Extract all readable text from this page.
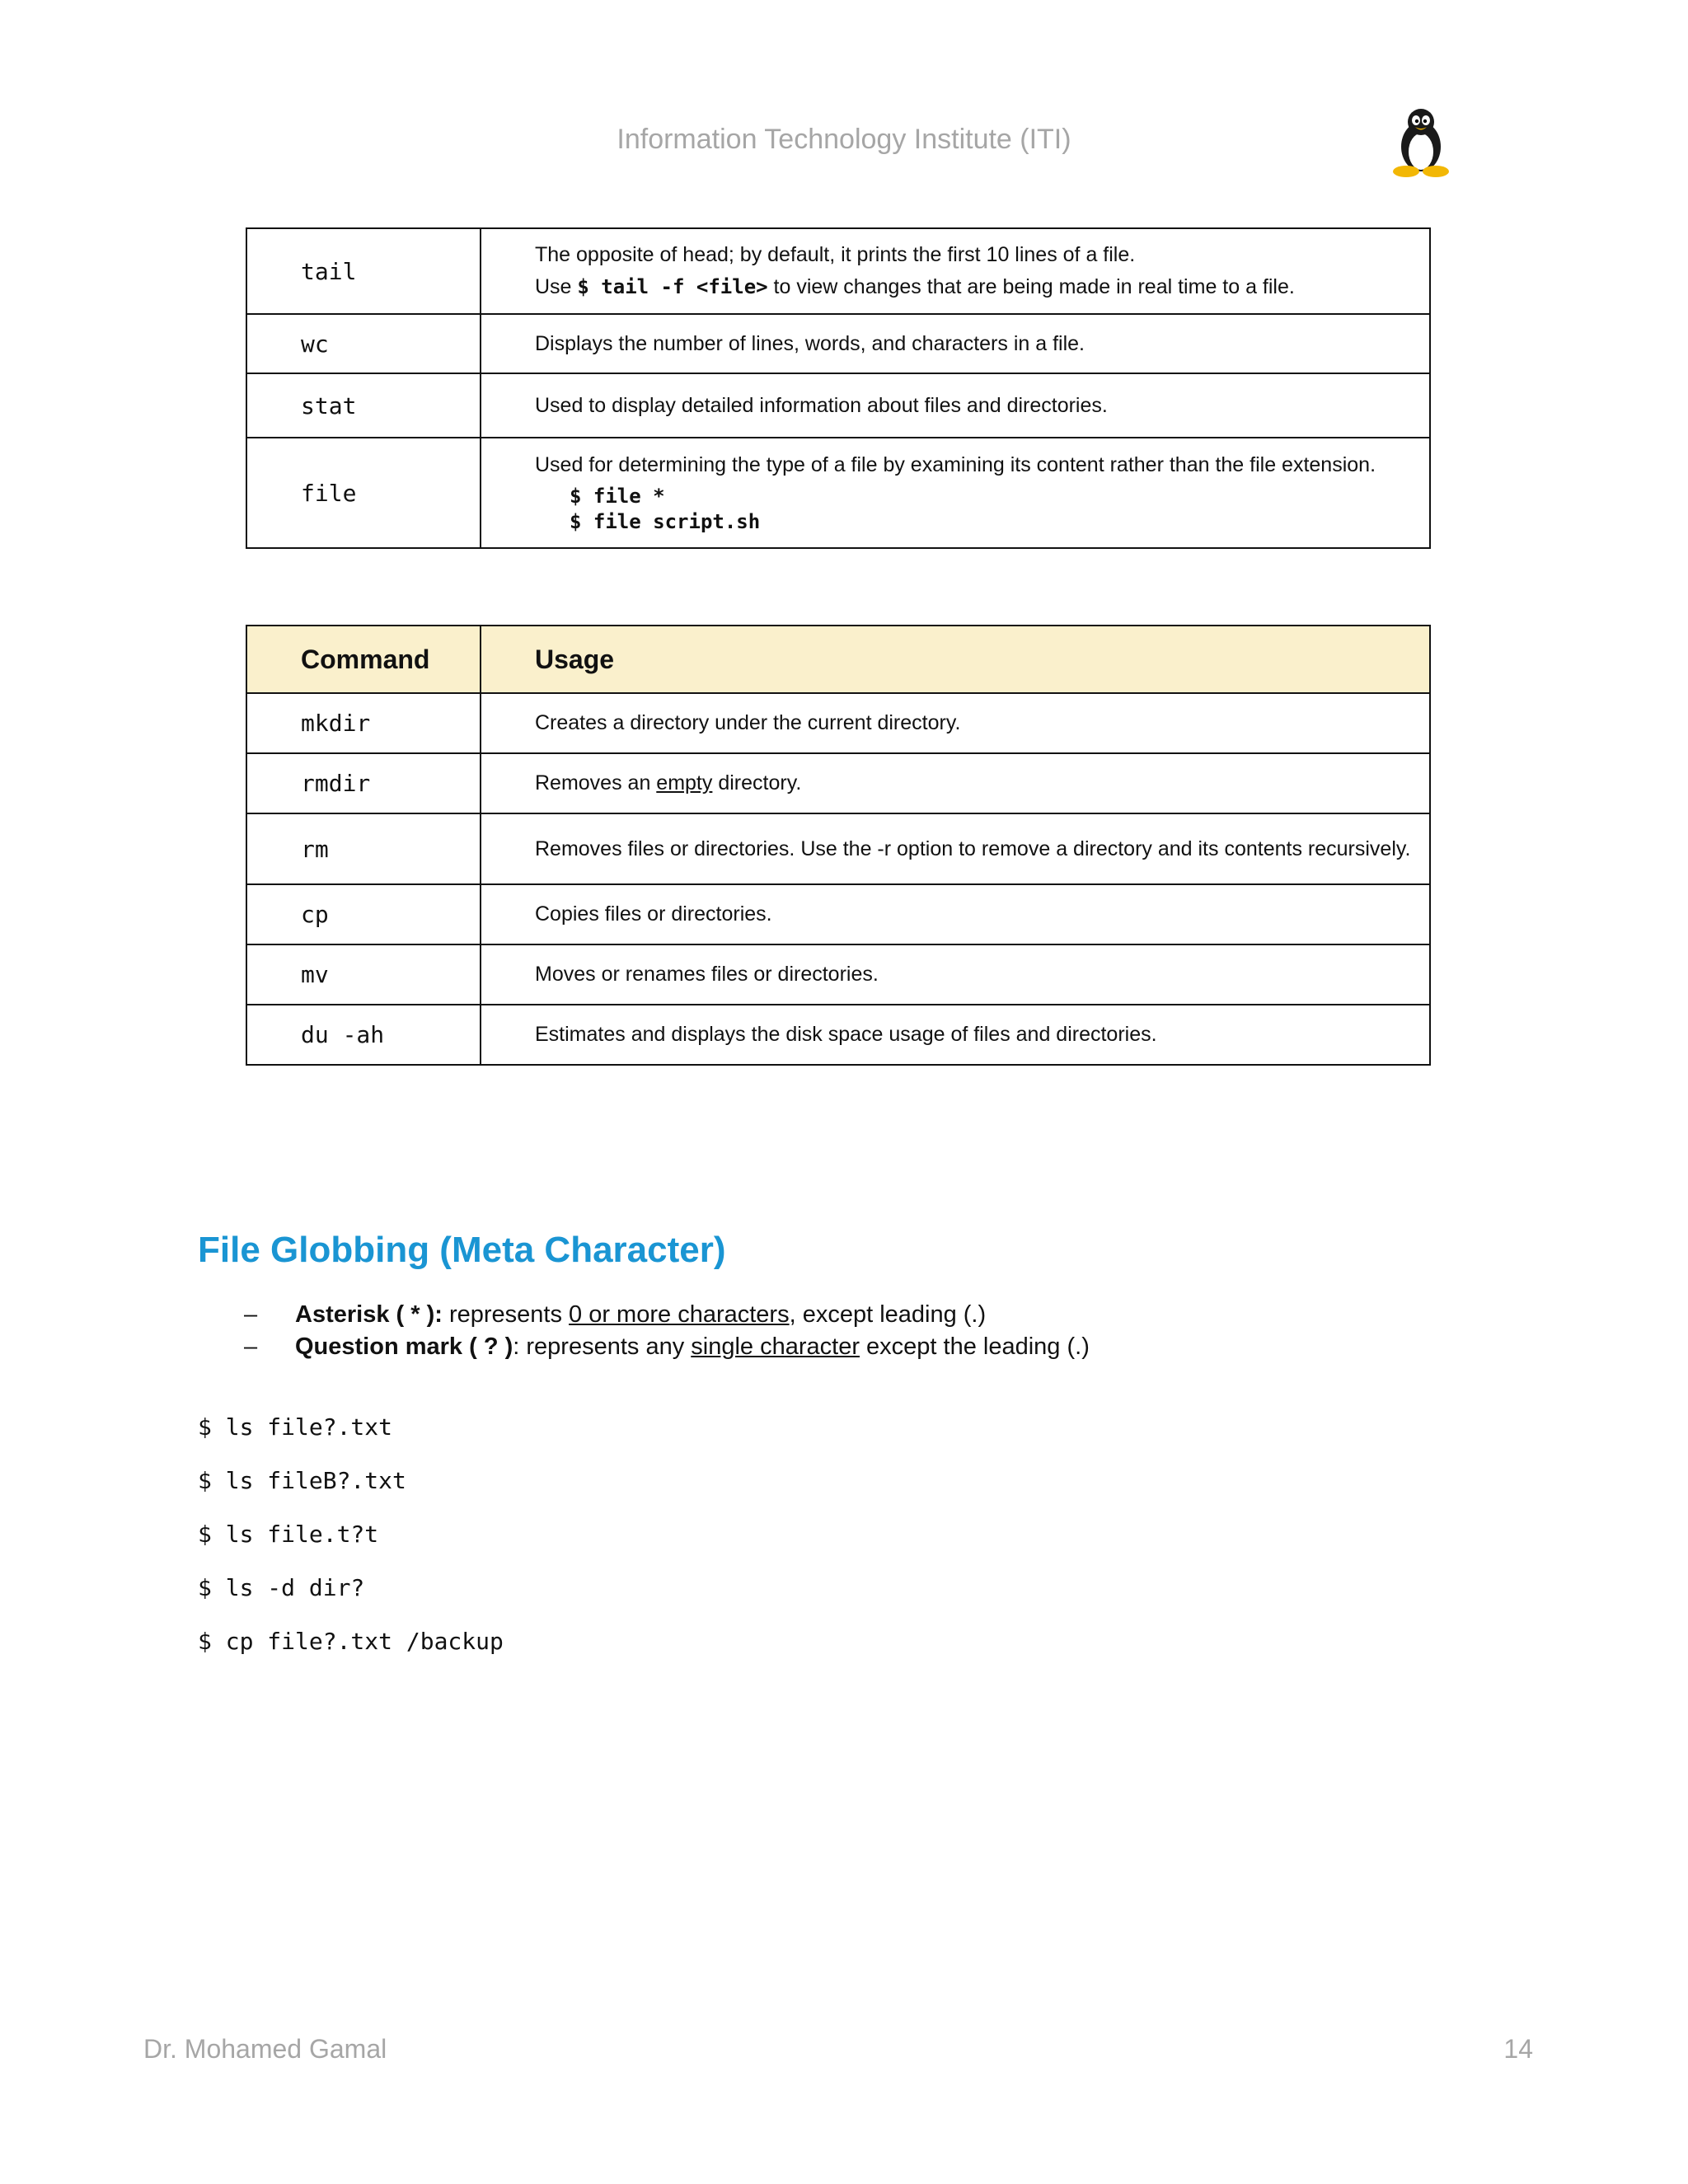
Information Technology Institute (ITI)
tail	The opposite of head; by default, it prints the first 10 lines of a file.
Use $ tail -f <file> to view changes that are being made in real time to a file.

wc	Displays the number of lines, words, and characters in a file.
stat	Used to display detailed information about files and directories.
file	Used for determining the type of a file by examining its content rather than the file extension.
$ file *
$ file script.sh
Command	Usage
mkdir	Creates a directory under the current directory.
rmdir	Removes an empty directory.
rm	Removes files or directories. Use the -r option to remove a directory and its contents recursively.
cp	Copies files or directories.
mv	Moves or renames files or directories.
du -ah	Estimates and displays the disk space usage of files and directories.
File Globbing (Meta Character)
– Asterisk ( * ): represents 0 or more characters, except leading (.)
– Question mark ( ? ): represents any single character except the leading (.)
$ ls file?.txt
$ ls fileB?.txt
$ ls file.t?t
$ ls -d dir?
$ cp file?.txt /backup
Dr. Mohamed Gamal	14
